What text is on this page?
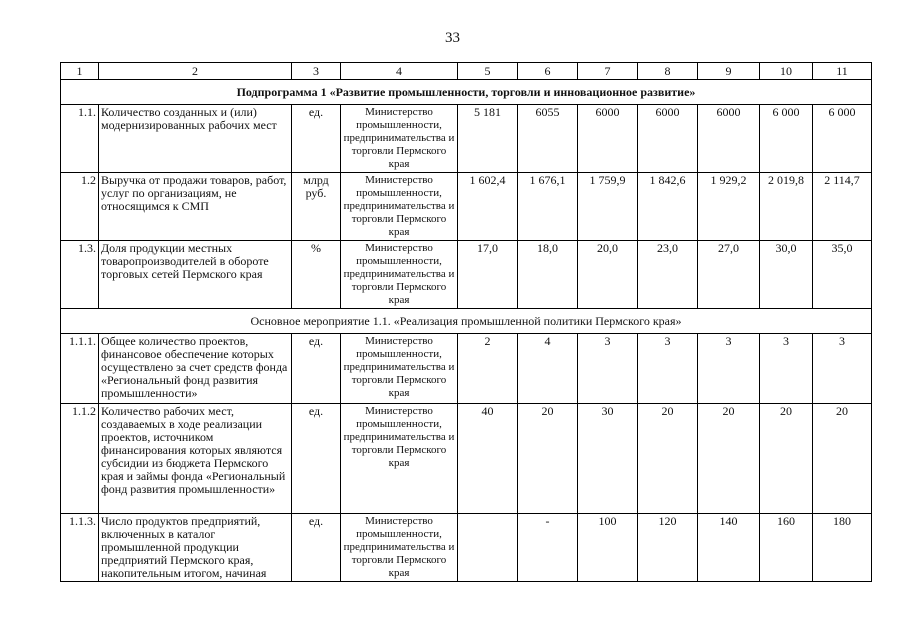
33
1	2	3	4	5	6	7	8	9	10	11
Подпрограмма 1 «Развитие промышленности, торговли и инновационное развитие»										
1.1.	Количество созданных и (или) модернизированных рабочих мест	ед.	Министерство промышленности, предпринимательства и торговли Пермского края	5 181	6055	6000	6000	6000	6 000	6 000
1.2	Выручка от продажи товаров, работ, услуг по организациям, не относящимся к СМП	млрд руб.	Министерство промышленности, предпринимательства и торговли Пермского края	1 602,4	1 676,1	1 759,9	1 842,6	1 929,2	2 019,8	2 114,7
1.3.	Доля продукции местных товаропроизводителей в обороте торговых сетей Пермского края	%	Министерство промышленности, предпринимательства и торговли Пермского края	17,0	18,0	20,0	23,0	27,0	30,0	35,0
Основное мероприятие 1.1. «Реализация промышленной политики Пермского края»										
1.1.1.	Общее количество проектов, финансовое обеспечение которых осуществлено за счет средств фонда «Региональный фонд развития промышленности»	ед.	Министерство промышленности, предпринимательства и торговли Пермского края	2	4	3	3	3	3	3
1.1.2	Количество рабочих мест, создаваемых в ходе реализации проектов, источником финансирования которых являются субсидии из бюджета Пермского края и займы фонда «Региональный фонд развития промышленности»	ед.	Министерство промышленности, предпринимательства и торговли Пермского края	40	20	30	20	20	20	20
1.1.3.	Число продуктов предприятий, включенных в каталог промышленной продукции предприятий Пермского края, накопительным итогом, начиная	ед.	Министерство промышленности, предпринимательства и торговли Пермского края		-	100	120	140	160	180
